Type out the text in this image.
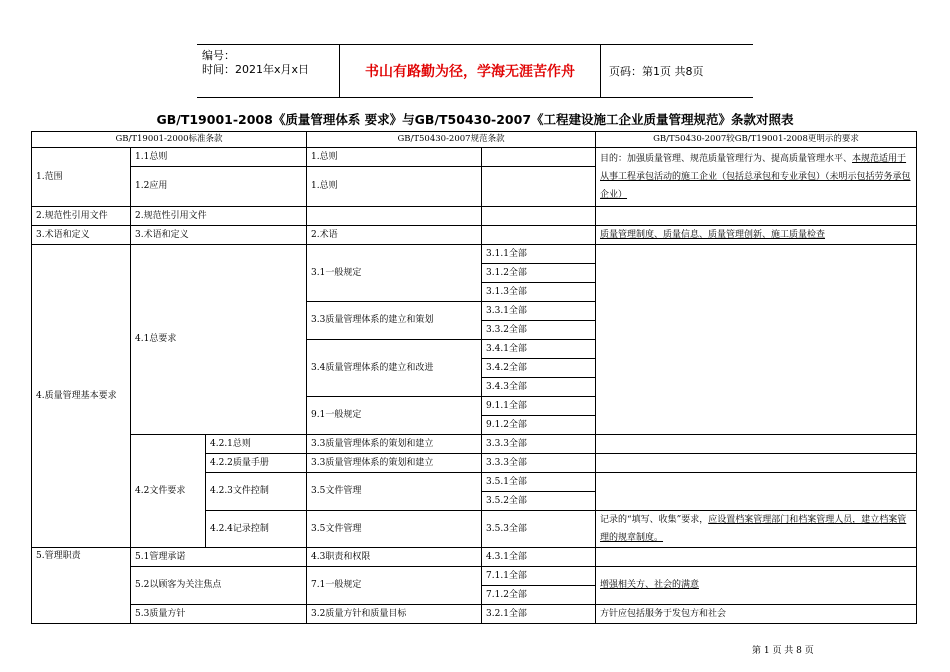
编号：
时间：2021年x月x日	书山有路勤为径，学海无涯苦作舟	页码：第1页 共8页
GB/T19001-2008《质量管理体系 要求》与GB/T50430-2007《工程建设施工企业质量管理规范》条款对照表
GB/T19001-2000标准条款			GB/T50430-2007规范条款		GB/T50430-2007较GB/T19001-2008更明示的要求
1.范围	1.1总则		1.总则		目的：加强质量管理、规范质量管理行为、提高质量管理水平、本规范适用于从事工程承包活动的施工企业（包括总承包和专业承包）（未明示包括劳务承包企业）
	1.2应用		1.总则		
2.规范性引用文件	2.规范性引用文件				
3.术语和定义	3.术语和定义		2.术语		质量管理制度、质量信息、质量管理创新、施工质量检查
4.质量管理基本要求	4.1总要求		3.1一般规定	3.1.1全部	
				3.1.2全部	
				3.1.3全部	
			3.3质量管理体系的建立和策划	3.3.1全部	
				3.3.2全部	
			3.4质量管理体系的建立和改进	3.4.1全部	
				3.4.2全部	
				3.4.3全部	
			9.1一般规定	9.1.1全部	
				9.1.2全部	
	4.2文件要求	4.2.1总则	3.3质量管理体系的策划和建立	3.3.3全部	
		4.2.2质量手册	3.3质量管理体系的策划和建立	3.3.3全部	
		4.2.3文件控制	3.5文件管理	3.5.1全部	
				3.5.2全部	
		4.2.4记录控制	3.5文件管理	3.5.3全部	记录的“填写、收集”要求，应设置档案管理部门和档案管理人员，建立档案管理的规章制度。
5.管理职责	5.1管理承诺		4.3职责和权限	4.3.1全部	
	5.2以顾客为关注焦点		7.1一般规定	7.1.1全部	增强相关方、社会的满意
				7.1.2全部	
	5.3质量方针		3.2质量方针和质量目标	3.2.1全部	方针应包括服务于发包方和社会
第 1 页 共 8 页
